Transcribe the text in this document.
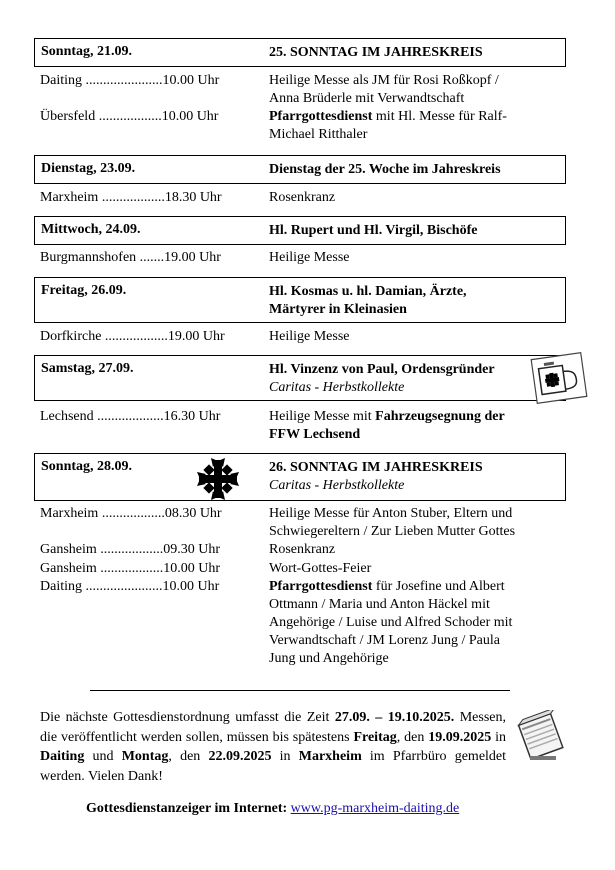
Sonntag, 21.09.	25. SONNTAG IM JAHRESKREIS
Daiting ......................10.00 Uhr	Heilige Messe als JM für Rosi Roßkopf /
Anna Brüderle mit Verwandtschaft
Übersfeld ..................10.00 Uhr	Pfarrgottesdienst mit Hl. Messe für Ralf-
Michael Ritthaler
Dienstag, 23.09.	Dienstag der 25. Woche im Jahreskreis
Marxheim ..................18.30 Uhr	Rosenkranz
Mittwoch, 24.09.	Hl. Rupert und Hl. Virgil, Bischöfe
Burgmannshofen .......19.00 Uhr	Heilige Messe
Freitag, 26.09.	Hl. Kosmas u. hl. Damian, Ärzte,
Märtyrer in Kleinasien
Dorfkirche ..................19.00 Uhr	Heilige Messe
Samstag, 27.09.	Hl. Vinzenz von Paul, Ordensgründer
Caritas - Herbstkollekte
Lechsend ...................16.30 Uhr	Heilige Messe mit Fahrzeugsegnung der
FFW Lechsend
Sonntag, 28.09.	26. SONNTAG IM JAHRESKREIS
Caritas - Herbstkollekte
Marxheim ..................08.30 Uhr	Heilige Messe für Anton Stuber, Eltern und
Schwiegereltern / Zur Lieben Mutter Gottes
Gansheim ..................09.30 Uhr	Rosenkranz
Gansheim ..................10.00 Uhr	Wort-Gottes-Feier
Daiting ......................10.00 Uhr	Pfarrgottesdienst für Josefine und Albert
Ottmann / Maria und Anton Häckel mit
Angehörige / Luise und Alfred Schoder mit
Verwandtschaft / JM Lorenz Jung / Paula
Jung und Angehörige
Die nächste Gottesdienstordnung umfasst die Zeit 27.09. – 19.10.2025. Messen, die veröffentlicht werden sollen, müssen bis spätestens Freitag, den 19.09.2025 in Daiting und Montag, den 22.09.2025 in Marxheim im Pfarrbüro gemeldet werden. Vielen Dank!
Gottesdienstanzeiger im Internet: www.pg-marxheim-daiting.de
